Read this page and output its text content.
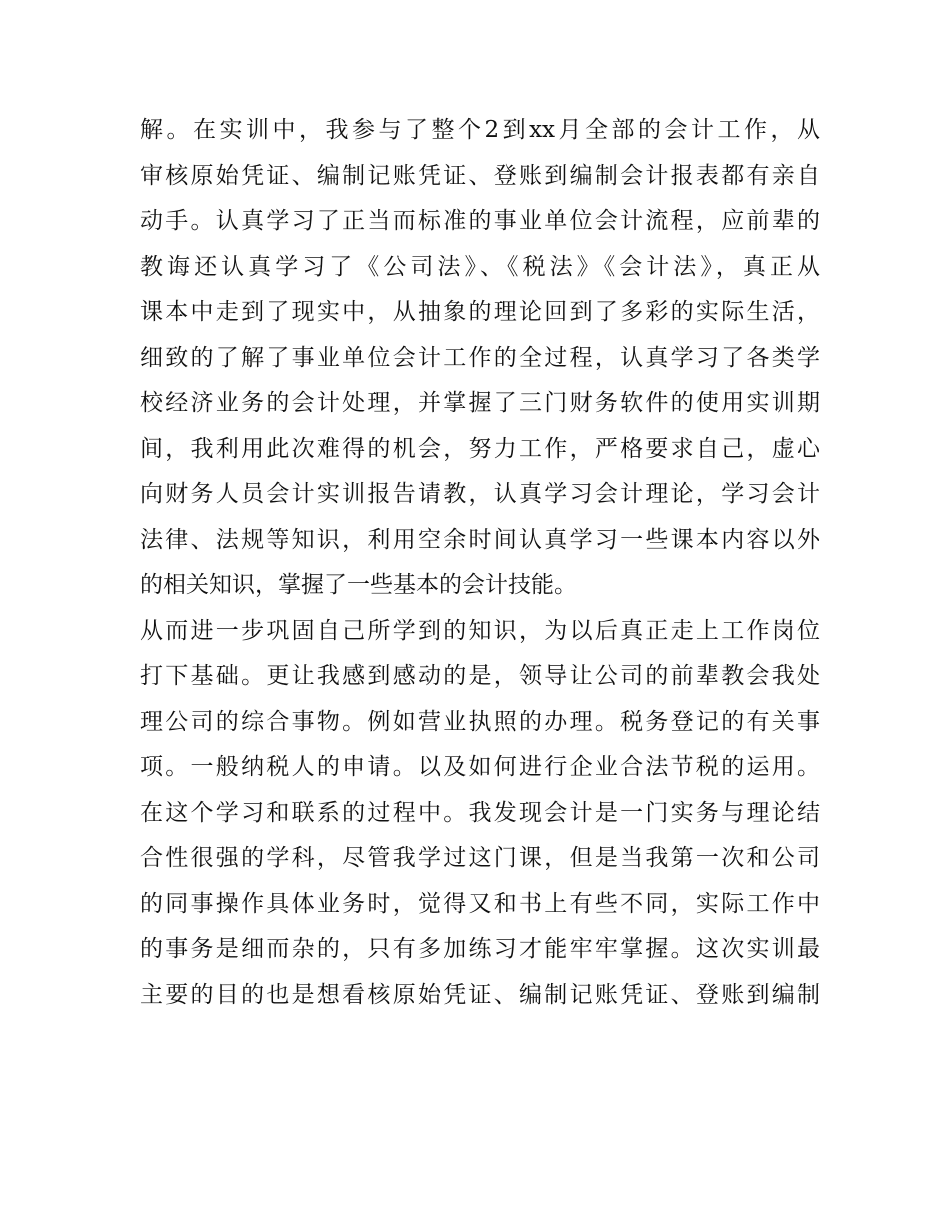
解。在实训中，我参与了整个2到xx月全部的会计工作，从
审核原始凭证、编制记账凭证、登账到编制会计报表都有亲自
动手。认真学习了正当而标准的事业单位会计流程，应前辈的
教诲还认真学习了《公司法》、《税法》《会计法》，真正从
课本中走到了现实中，从抽象的理论回到了多彩的实际生活，
细致的了解了事业单位会计工作的全过程，认真学习了各类学
校经济业务的会计处理，并掌握了三门财务软件的使用实训期
间，我利用此次难得的机会，努力工作，严格要求自己，虚心
向财务人员会计实训报告请教，认真学习会计理论，学习会计
法律、法规等知识，利用空余时间认真学习一些课本内容以外
的相关知识，掌握了一些基本的会计技能。
从而进一步巩固自己所学到的知识，为以后真正走上工作岗位
打下基础。更让我感到感动的是，领导让公司的前辈教会我处
理公司的综合事物。例如营业执照的办理。税务登记的有关事
项。一般纳税人的申请。以及如何进行企业合法节税的运用。
在这个学习和联系的过程中。我发现会计是一门实务与理论结
合性很强的学科，尽管我学过这门课，但是当我第一次和公司
的同事操作具体业务时，觉得又和书上有些不同，实际工作中
的事务是细而杂的，只有多加练习才能牢牢掌握。这次实训最
主要的目的也是想看核原始凭证、编制记账凭证、登账到编制
